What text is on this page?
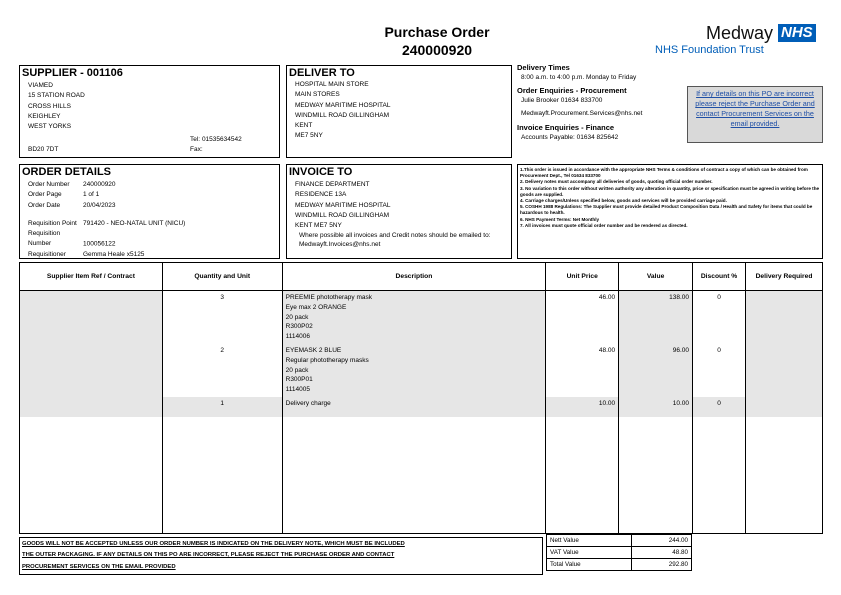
Purchase Order
240000920
Medway NHS
NHS Foundation Trust
SUPPLIER - 001106
VIAMED
15 STATION ROAD
CROSS HILLS
KEIGHLEY
WEST YORKS
Tel: 01535634542
BD20 7DT	Fax:
DELIVER TO
HOSPITAL MAIN STORE
MAIN STORES
MEDWAY MARITIME HOSPITAL
WINDMILL ROAD GILLINGHAM
KENT
ME7 5NY
Delivery Times
8:00 a.m. to 4:00 p.m. Monday to Friday
Order Enquiries - Procurement
Julie Brooker 01634 833700
Medwayft.Procurement.Services@nhs.net
Invoice Enquiries - Finance
Accounts Payable: 01634 825642
If any details on this PO are incorrect please reject the Purchase Order and contact Procurement Services on the email provided.
ORDER DETAILS
Order Number 240000920
Order Page	1 of 1
Order Date	20/04/2023
Requisition Point 791420 - NEO-NATAL UNIT (NICU)
Requisition Number	100056122
Requisitioner	Gemma Heale x5125
INVOICE TO
FINANCE DEPARTMENT
RESIDENCE 13A
MEDWAY MARITIME HOSPITAL
WINDMILL ROAD GILLINGHAM
KENT ME7 5NY
Where possible all invoices and Credit notes should be emailed to: Medwayft.Invoices@nhs.net
1.This order is issued in accordance with the appropriate NHS Terms & conditions of contract a copy of which can be obtained from Procurement Dept., Tel 01634 833700
2. Delivery notes must accompany all deliveries of goods, quoting official order number.
3. No variation to this order without written authority any alteration in quantity, price or specification must be agreed in writing before the goods are supplied.
4. Carriage charges/Unless specified below, goods and services will be provided carriage paid.
5. COSHH 1988 Regulations: The Supplier must provide detailed Product Composition Data / Health and Safety for items that could be hazardous to health.
6. NHS Payment Terms: Net Monthly
7. All invoices must quote official order number and be rendered as directed.
Supplier Item Ref / Contract	Quantity and Unit	Description	Unit Price	Value	Discount %	Delivery Required
	3	PREEMIE phototherapy mask
Eye max 2 ORANGE
20 pack
R300P02
1114006	46.00	138.00	0	
	2	EYEMASK 2 BLUE
Regular phototherapy masks
20 pack
R300P01
1114005	48.00	96.00	0	
	1	Delivery charge	10.00	10.00	0	

GOODS WILL NOT BE ACCEPTED UNLESS OUR ORDER NUMBER IS INDICATED ON THE DELIVERY NOTE, WHICH MUST BE INCLUDED
THE OUTER PACKAGING. IF ANY DETAILS ON THIS PO ARE INCORRECT, PLEASE REJECT THE PURCHASE ORDER AND CONTACT
PROCUREMENT SERVICES ON THE EMAIL PROVIDED
Nett Value	244.00
VAT Value	48.80
Total Value	292.80
